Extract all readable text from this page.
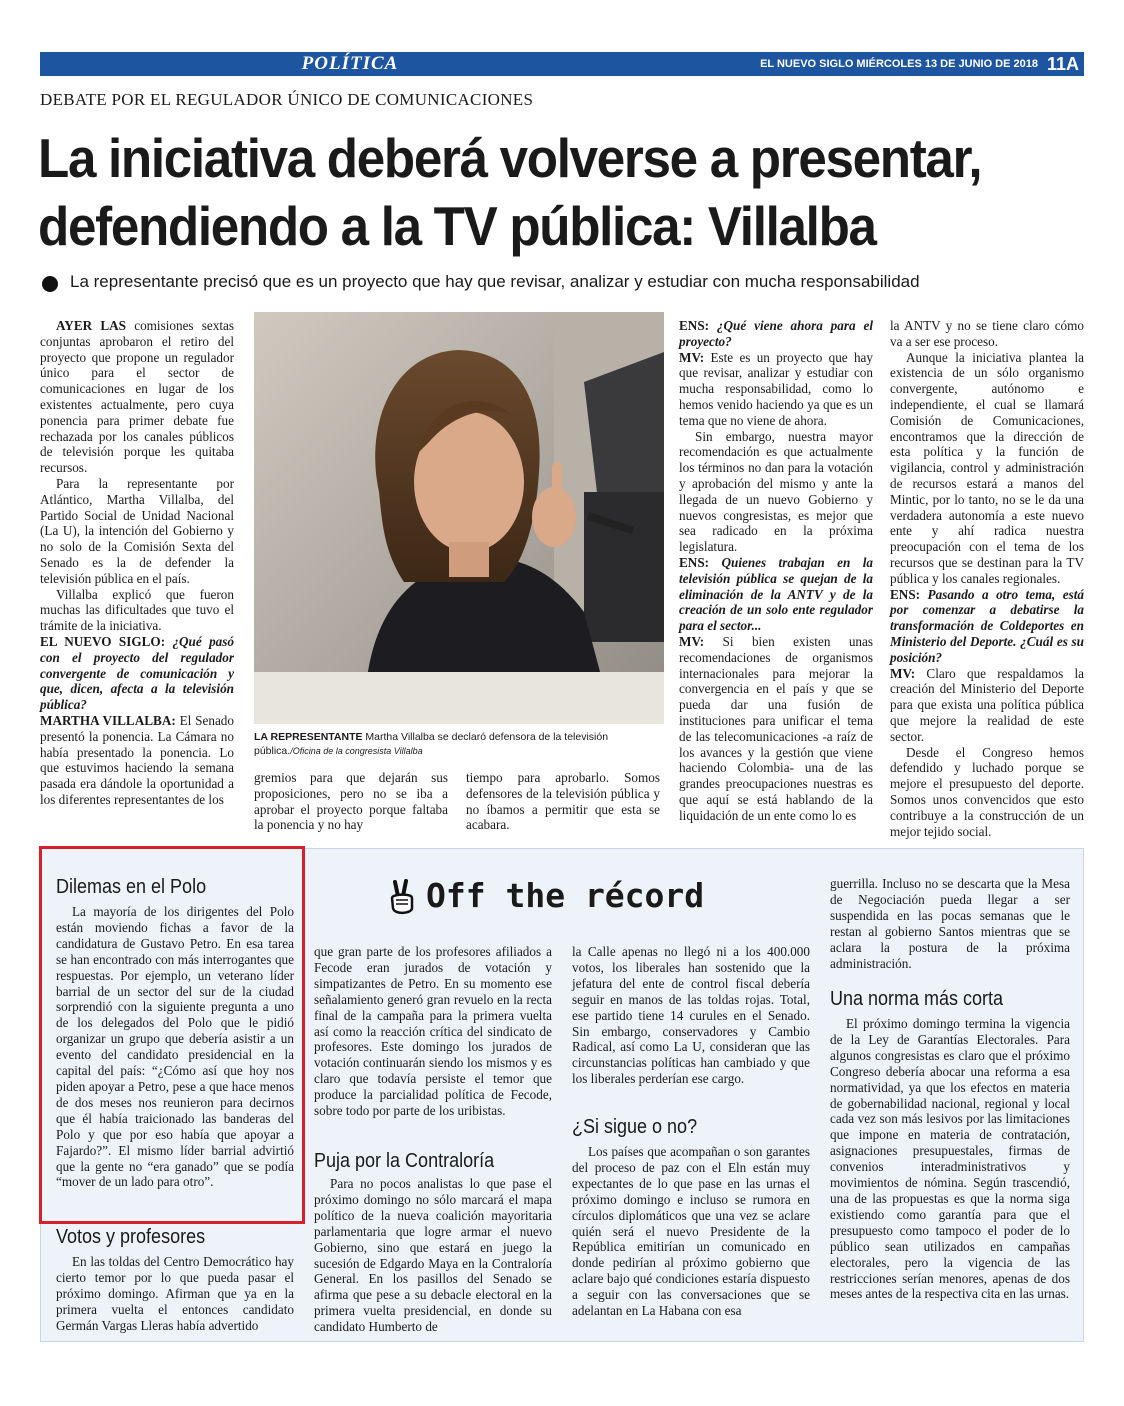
POLÍTICA	EL NUEVO SIGLO MIÉRCOLES 13 DE JUNIO DE 2018 11A
DEBATE POR EL REGULADOR ÚNICO DE COMUNICACIONES
La iniciativa deberá volverse a presentar,
defendiendo a la TV pública: Villalba
La representante precisó que es un proyecto que hay que revisar, analizar y estudiar con mucha responsabilidad

AYER LAS comisiones sextas conjuntas aprobaron el retiro del proyecto que propone un regulador único para el sector de comunicaciones en lugar de los existentes actualmente, pero cuya ponencia para primer debate fue rechazada por los canales públicos de televisión porque les quitaba recursos.

Para la representante por Atlántico, Martha Villalba, del Partido Social de Unidad Nacional (La U), la intención del Gobierno y no solo de la Comisión Sexta del Senado es la de defender la televisión pública en el país.

Villalba explicó que fueron muchas las dificultades que tuvo el trámite de la iniciativa.

EL NUEVO SIGLO: ¿Qué pasó con el proyecto del regulador convergente de comunicación y que, dicen, afecta a la televisión pública?

MARTHA VILLALBA: El Senado presentó la ponencia. La Cámara no había presentado la ponencia. Lo que estuvimos haciendo la semana pasada era dándole la oportunidad a los diferentes representantes de los

LA REPRESENTANTE Martha Villalba se declaró defensora de la televisión pública./Oficina de la congresista Villalba

gremios para que dejarán sus proposiciones, pero no se iba a aprobar el proyecto porque faltaba la ponencia y no hay

tiempo para aprobarlo. Somos defensores de la televisión pública y no íbamos a permitir que esta se acabara.

ENS: ¿Qué viene ahora para el proyecto?

MV: Este es un proyecto que hay que revisar, analizar y estudiar con mucha responsabilidad, como lo hemos venido haciendo ya que es un tema que no viene de ahora.

Sin embargo, nuestra mayor recomendación es que actualmente los términos no dan para la votación y aprobación del mismo y ante la llegada de un nuevo Gobierno y nuevos congresistas, es mejor que sea radicado en la próxima legislatura.

ENS: Quienes trabajan en la televisión pública se quejan de la eliminación de la ANTV y de la creación de un solo ente regulador para el sector...

MV: Si bien existen unas recomendaciones de organismos internacionales para mejorar la convergencia en el país y que se pueda dar una fusión de instituciones para unificar el tema de las telecomunicaciones -a raíz de los avances y la gestión que viene haciendo Colombia- una de las grandes preocupaciones nuestras es que aquí se está hablando de la liquidación de un ente como lo es

la ANTV y no se tiene claro cómo va a ser ese proceso.

Aunque la iniciativa plantea la existencia de un sólo organismo convergente, autónomo e independiente, el cual se llamará Comisión de Comunicaciones, encontramos que la dirección de esta política y la función de vigilancia, control y administración de recursos estará a manos del Mintic, por lo tanto, no se le da una verdadera autonomía a este nuevo ente y ahí radica nuestra preocupación con el tema de los recursos que se destinan para la TV pública y los canales regionales.

ENS: Pasando a otro tema, está por comenzar a debatirse la transformación de Coldeportes en Ministerio del Deporte. ¿Cuál es su posición?

MV: Claro que respaldamos la creación del Ministerio del Deporte para que exista una política pública que mejore la realidad de este sector.

Desde el Congreso hemos defendido y luchado porque se mejore el presupuesto del deporte. Somos unos convencidos que esto contribuye a la construcción de un mejor tejido social.

Off the récord
Dilemas en el Polo

La mayoría de los dirigentes del Polo están moviendo fichas a favor de la candidatura de Gustavo Petro. En esa tarea se han encontrado con más interrogantes que respuestas. Por ejemplo, un veterano líder barrial de un sector del sur de la ciudad sorprendió con la siguiente pregunta a uno de los delegados del Polo que le pidió organizar un grupo que debería asistir a un evento del candidato presidencial en la capital del país: “¿Cómo así que hoy nos piden apoyar a Petro, pese a que hace menos de dos meses nos reunieron para decirnos que él había traicionado las banderas del Polo y que por eso había que apoyar a Fajardo?”. El mismo líder barrial advirtió que la gente no “era ganado” que se podía “mover de un lado para otro”.

Votos y profesores

En las toldas del Centro Democrático hay cierto temor por lo que pueda pasar el próximo domingo. Afirman que ya en la primera vuelta el entonces candidato Germán Vargas Lleras había advertido

que gran parte de los profesores afiliados a Fecode eran jurados de votación y simpatizantes de Petro. En su momento ese señalamiento generó gran revuelo en la recta final de la campaña para la primera vuelta así como la reacción crítica del sindicato de profesores. Este domingo los jurados de votación continuarán siendo los mismos y es claro que todavía persiste el temor que produce la parcialidad política de Fecode, sobre todo por parte de los uribistas.

Puja por la Contraloría

Para no pocos analistas lo que pase el próximo domingo no sólo marcará el mapa político de la nueva coalición mayoritaria parlamentaria que logre armar el nuevo Gobierno, sino que estará en juego la sucesión de Edgardo Maya en la Contraloría General. En los pasillos del Senado se afirma que pese a su debacle electoral en la primera vuelta presidencial, en donde su candidato Humberto de

la Calle apenas no llegó ni a los 400.000 votos, los liberales han sostenido que la jefatura del ente de control fiscal debería seguir en manos de las toldas rojas. Total, ese partido tiene 14 curules en el Senado. Sin embargo, conservadores y Cambio Radical, así como La U, consideran que las circunstancias políticas han cambiado y que los liberales perderían ese cargo.

¿Si sigue o no?

Los países que acompañan o son garantes del proceso de paz con el Eln están muy expectantes de lo que pase en las urnas el próximo domingo e incluso se rumora en círculos diplomáticos que una vez se aclare quién será el nuevo Presidente de la República emitirían un comunicado en donde pedirían al próximo gobierno que aclare bajo qué condiciones estaría dispuesto a seguir con las conversaciones que se adelantan en La Habana con esa

guerrilla. Incluso no se descarta que la Mesa de Negociación pueda llegar a ser suspendida en las pocas semanas que le restan al gobierno Santos mientras que se aclara la postura de la próxima administración.

Una norma más corta

El próximo domingo termina la vigencia de la Ley de Garantías Electorales. Para algunos congresistas es claro que el próximo Congreso debería abocar una reforma a esa normatividad, ya que los efectos en materia de gobernabilidad nacional, regional y local cada vez son más lesivos por las limitaciones que impone en materia de contratación, asignaciones presupuestales, firmas de convenios interadministrativos y movimientos de nómina. Según trascendió, una de las propuestas es que la norma siga existiendo como garantía para que el presupuesto como tampoco el poder de lo público sean utilizados en campañas electorales, pero la vigencia de las restricciones serían menores, apenas de dos meses antes de la respectiva cita en las urnas.
